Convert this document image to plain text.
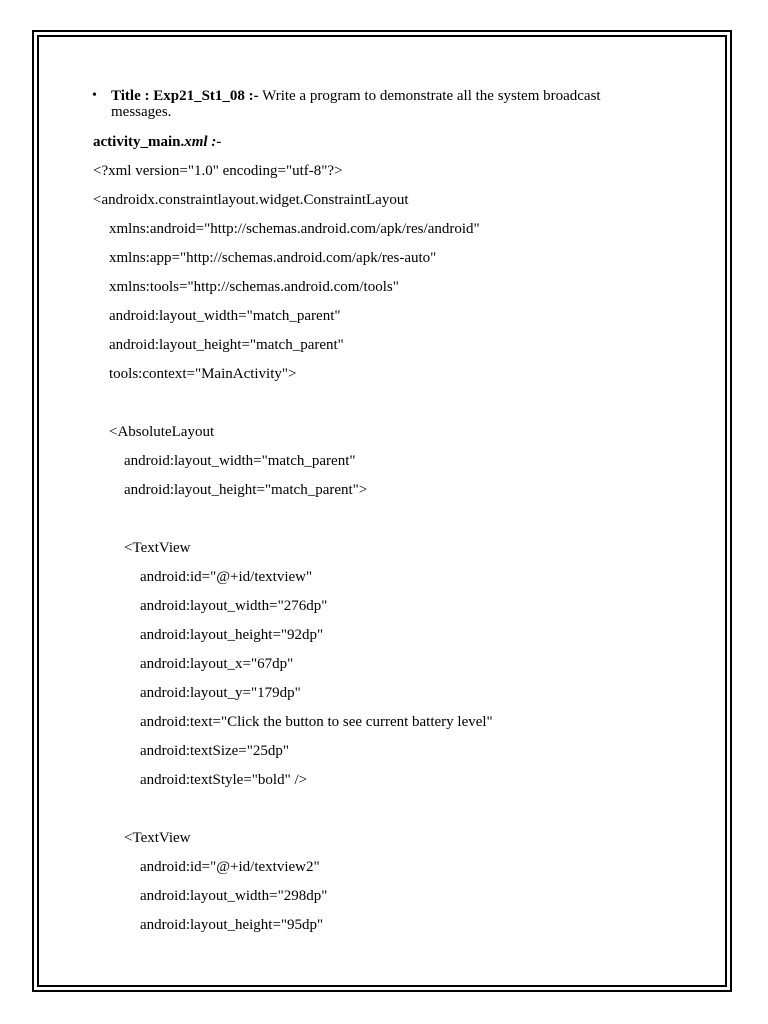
• Title : Exp21_St1_08 :- Write a program to demonstrate all the system broadcast messages.
activity_main.xml :-
<?xml version="1.0" encoding="utf-8"?>
<androidx.constraintlayout.widget.ConstraintLayout
xmlns:android="http://schemas.android.com/apk/res/android"
xmlns:app="http://schemas.android.com/apk/res-auto"
xmlns:tools="http://schemas.android.com/tools"
android:layout_width="match_parent"
android:layout_height="match_parent"
tools:context="MainActivity">
<AbsoluteLayout
android:layout_width="match_parent"
android:layout_height="match_parent">
<TextView
android:id="@+id/textview"
android:layout_width="276dp"
android:layout_height="92dp"
android:layout_x="67dp"
android:layout_y="179dp"
android:text="Click the button to see current battery level"
android:textSize="25dp"
android:textStyle="bold" />
<TextView
android:id="@+id/textview2"
android:layout_width="298dp"
android:layout_height="95dp"
